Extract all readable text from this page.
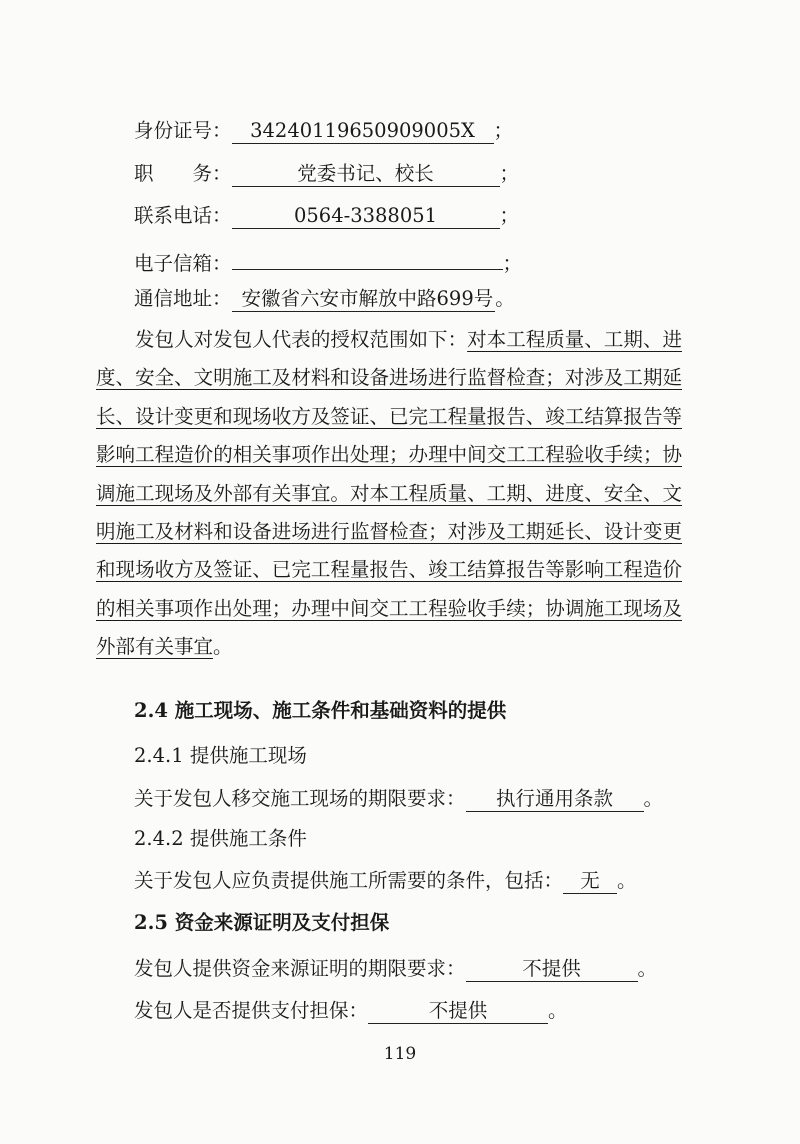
身份证号： 34240119650909005X ；
职　　务：	党委书记、校长	；
联系电话：	0564-3388051	；
电子信箱：	；
通信地址： 安徽省六安市解放中路699号 。
发包人对发包人代表的授权范围如下：对本工程质量、工期、进度、安全、文明施工及材料和设备进场进行监督检查；对涉及工期延长、设计变更和现场收方及签证、已完工程量报告、竣工结算报告等影响工程造价的相关事项作出处理；办理中间交工工程验收手续；协调施工现场及外部有关事宜。对本工程质量、工期、进度、安全、文明施工及材料和设备进场进行监督检查；对涉及工期延长、设计变更和现场收方及签证、已完工程量报告、竣工结算报告等影响工程造价的相关事项作出处理；办理中间交工工程验收手续；协调施工现场及外部有关事宜。
2.4 施工现场、施工条件和基础资料的提供
2.4.1 提供施工现场
关于发包人移交施工现场的期限要求： 执行通用条款 。
2.4.2 提供施工条件
关于发包人应负责提供施工所需要的条件，包括： 无 。
2.5 资金来源证明及支付担保
发包人提供资金来源证明的期限要求：	不提供	。
发包人是否提供支付担保：	不提供	。
119
